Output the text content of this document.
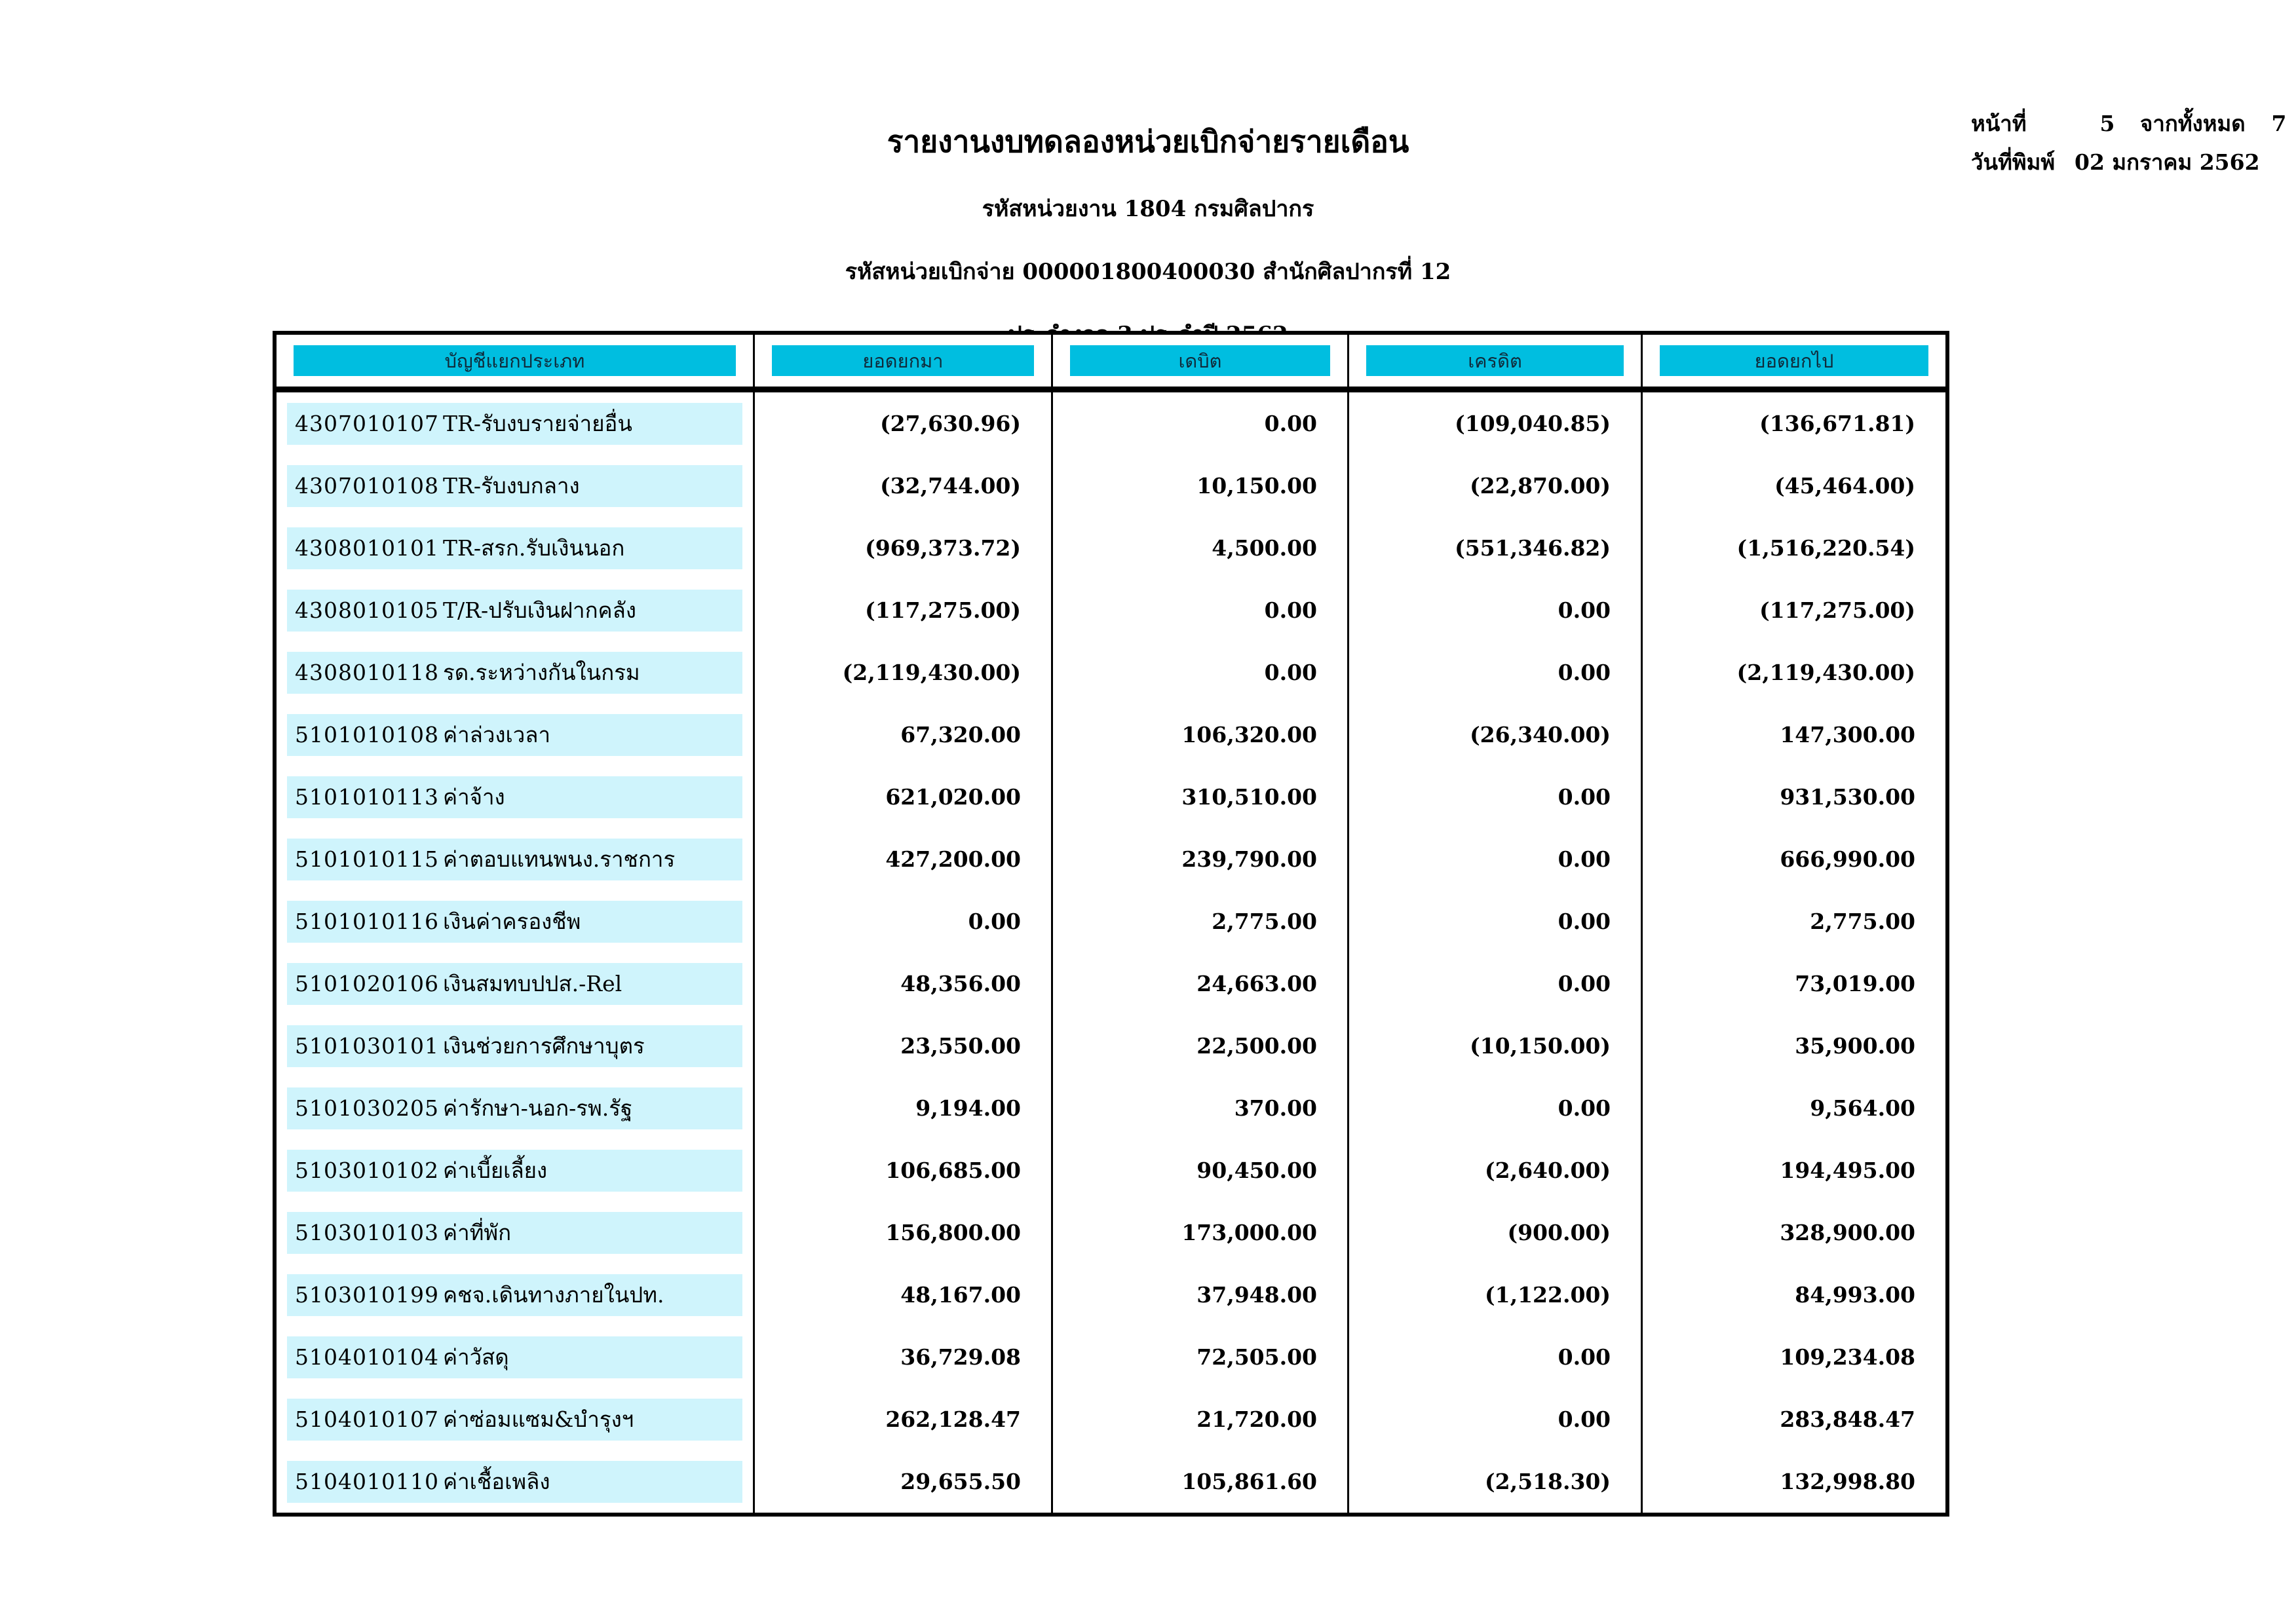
หน้าที่	5	จากทั้งหมด	7
วันที่พิมพ์ 02 มกราคม 2562
รายงานงบทดลองหน่วยเบิกจ่ายรายเดือน
รหัสหน่วยงาน 1804 กรมศิลปากร
รหัสหน่วยเบิกจ่าย 000001800400030 สำนักศิลปากรที่ 12
บัญชีแยกประเภท	ยอดยกมา	เดบิต	เครดิต	ยอดยกไป
4307010107 TR-รับงบรายจ่ายอื่น	(27,630.96)	0.00	(109,040.85)	(136,671.81)
4307010108 TR-รับงบกลาง	(32,744.00)	10,150.00	(22,870.00)	(45,464.00)
4308010101 TR-สรก.รับเงินนอก	(969,373.72)	4,500.00	(551,346.82)	(1,516,220.54)
4308010105 T/R-ปรับเงินฝากคลัง	(117,275.00)	0.00	0.00	(117,275.00)
4308010118 รด.ระหว่างกันในกรม	(2,119,430.00)	0.00	0.00	(2,119,430.00)
5101010108 ค่าล่วงเวลา	67,320.00	106,320.00	(26,340.00)	147,300.00
5101010113 ค่าจ้าง	621,020.00	310,510.00	0.00	931,530.00
5101010115 ค่าตอบแทนพนง.ราชการ	427,200.00	239,790.00	0.00	666,990.00
5101010116 เงินค่าครองชีพ	0.00	2,775.00	0.00	2,775.00
5101020106 เงินสมทบปปส.-Rel	48,356.00	24,663.00	0.00	73,019.00
5101030101 เงินช่วยการศึกษาบุตร	23,550.00	22,500.00	(10,150.00)	35,900.00
5101030205 ค่ารักษา-นอก-รพ.รัฐ	9,194.00	370.00	0.00	9,564.00
5103010102 ค่าเบี้ยเลี้ยง	106,685.00	90,450.00	(2,640.00)	194,495.00
5103010103 ค่าที่พัก	156,800.00	173,000.00	(900.00)	328,900.00
5103010199 คชจ.เดินทางภายในปท.	48,167.00	37,948.00	(1,122.00)	84,993.00
5104010104 ค่าวัสดุ	36,729.08	72,505.00	0.00	109,234.08
5104010107 ค่าซ่อมแซม&บำรุงฯ	262,128.47	21,720.00	0.00	283,848.47
5104010110 ค่าเชื้อเพลิง	29,655.50	105,861.60	(2,518.30)	132,998.80
